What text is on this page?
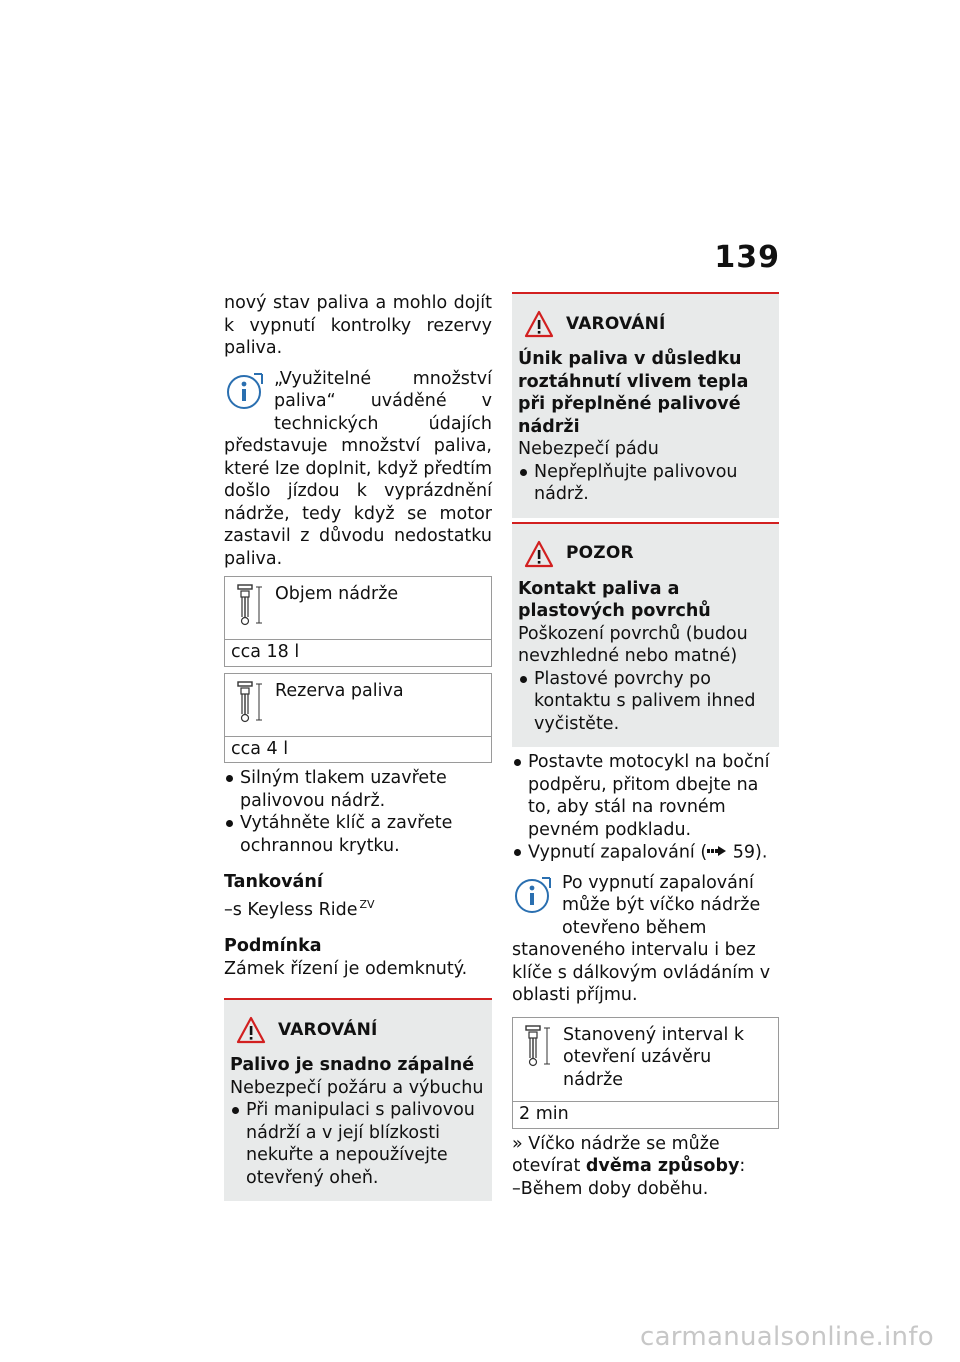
139

nový stav paliva a mohlo dojít k vypnutí kontrolky rezervy paliva.

„Využitelné množství paliva“ uváděné v technických údajích představuje množství paliva, které lze doplnit, když předtím došlo jízdou k vyprázdnění nádrže, tedy když se motor zastavil z důvodu nedostatku paliva.

Objem nádrže
cca 18 l
Rezerva paliva
cca 4 l
Silným tlakem uzavřete palivovou nádrž.
Vytáhněte klíč a zavřete ochrannou krytku.
Tankování

–s Keyless Ride $^{ZV}$

Podmínka

Zámek řízení je odemknutý.

VAROVÁNÍ

Palivo je snadno zápalné

Nebezpečí požáru a výbuchu

Při manipulaci s palivovou nádrží a v její blízkosti nekuřte a nepoužívejte otevřený oheň.
VAROVÁNÍ

Únik paliva v důsledku roztáhnutí vlivem tepla při přeplněné palivové nádrži

Nebezpečí pádu

Nepřeplňujte palivovou nádrž.
POZOR

Kontakt paliva a plastových povrchů

Poškození povrchů (budou nevzhledné nebo matné)

Plastové povrchy po kontaktu s palivem ihned vyčistěte.
Postavte motocykl na boční podpěru, přitom dbejte na to, aby stál na rovném pevném podkladu.
Vypnutí zapalování ( 59).

Po vypnutí zapalování může být víčko nádrže otevřeno během stanoveného intervalu i bez klíče s dálkovým ovládáním v oblasti příjmu.

Stanovený interval k otevření uzávěru nádrže
2 min

» Víčko nádrže se může otevírat dvěma způsoby:

–Během doby doběhu.

carmanualsonline.info
